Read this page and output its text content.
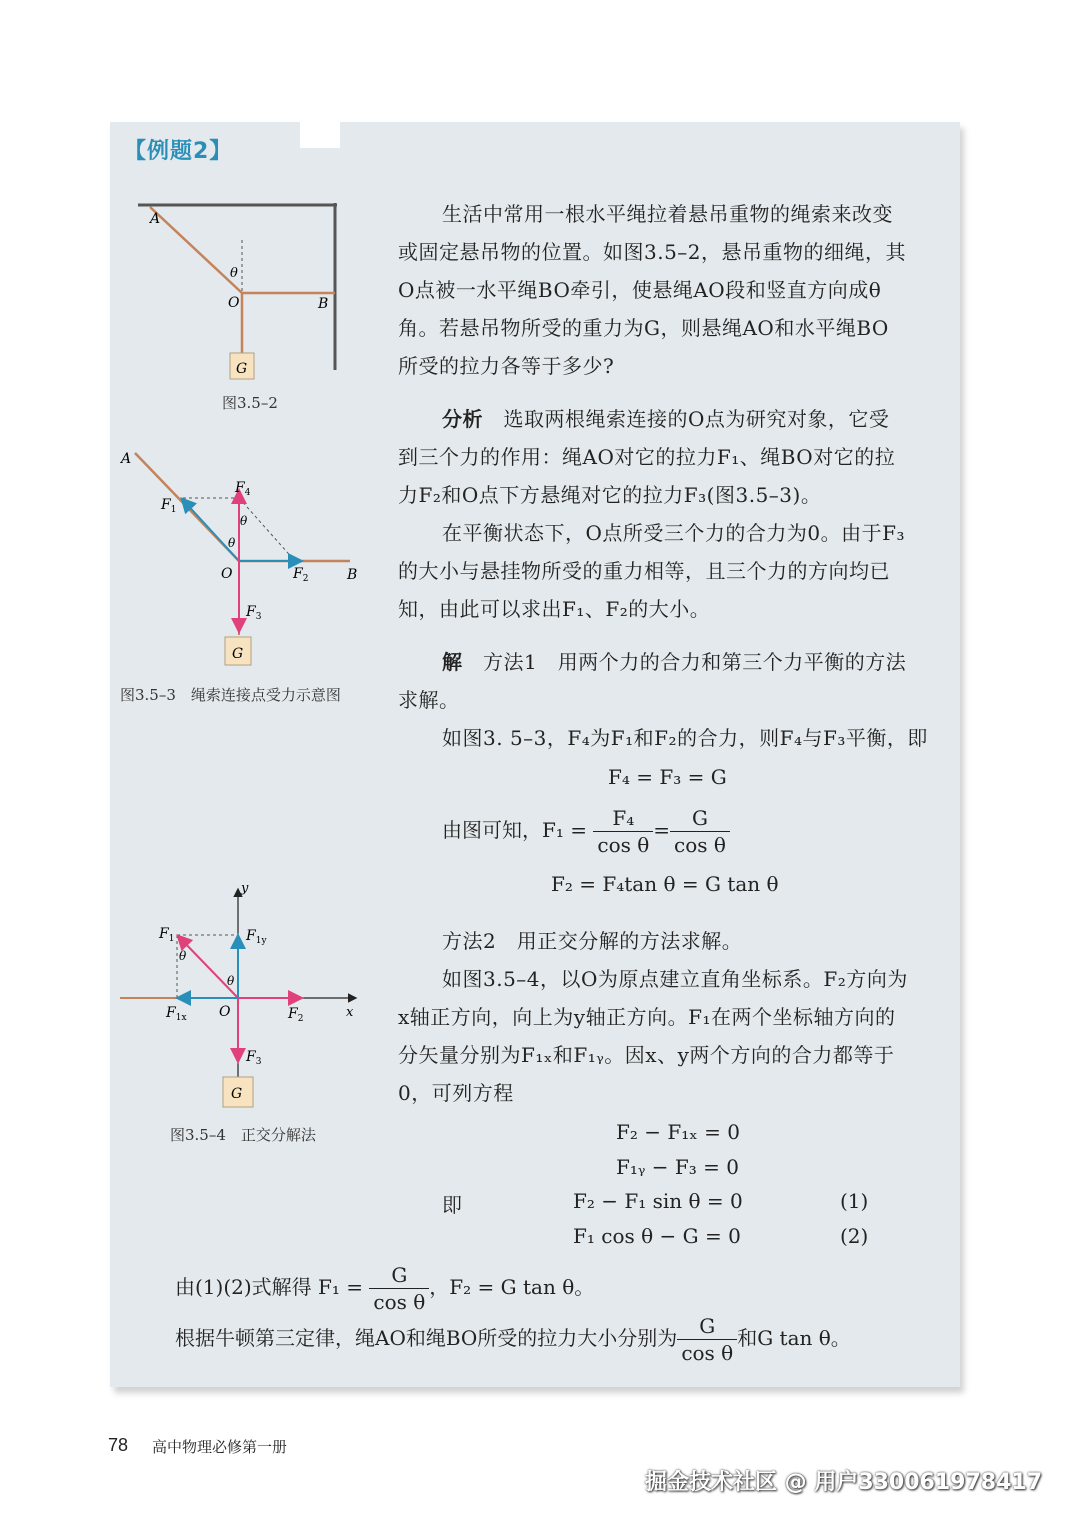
【例题2】
A
θ
O	B
G
图3.5–2
A
$F_1$
$F_4$
θ
θ
O	$F_2$	B
$F_3$
G
图3.5–3　绳索连接点受力示意图
y
$F_1$	$F_{1y}$
θ
θ
$F_{1x}$ O	$F_2$	x
$F_3$
G
图3.5–4　正交分解法
生活中常用一根水平绳拉着悬吊重物的绳索来改变
或固定悬吊物的位置。如图3.5–2，悬吊重物的细绳，其
O点被一水平绳BO牵引，使悬绳AO段和竖直方向成θ
角。若悬吊物所受的重力为G，则悬绳AO和水平绳BO
所受的拉力各等于多少?
分析　 选取两根绳索连接的O点为研究对象，它受
到三个力的作用：绳AO对它的拉力F₁、绳BO对它的拉
力F₂和O点下方悬绳对它的拉力F₃(图3.5–3)。
在平衡状态下，O点所受三个力的合力为0。由于F₃
的大小与悬挂物所受的重力相等，且三个力的方向均已
知，由此可以求出F₁、F₂的大小。
解　 方法1　用两个力的合力和第三个力平衡的方法
求解。
如图3. 5–3，F₄为F₁和F₂的合力，则F₄与F₃平衡，即
F₄ = F₃ = G
由图可知，$F_1 = \frac{\text{F₄}}{\text{cos θ}} = \frac{G}{\text{cos θ}}$
F₂ = F₄tan θ = G tan θ
方法2　用正交分解的方法求解。
如图3.5–4，以O为原点建立直角坐标系。F₂方向为
x轴正方向，向上为y轴正方向。F₁在两个坐标轴方向的
分矢量分别为F₁ₓ和F₁ᵧ。因x、y两个方向的合力都等于
0，可列方程
F₂ − F₁ₓ = 0
F₁ᵧ − F₃ = 0
即	F₂ − F₁ sin θ = 0	(1)
F₁ cos θ − G = 0	(2)
由(1)(2)式解得 $F_1 = \frac{G}{\text{cos θ}}$ ，F₂ = G tan θ。
根据牛顿第三定律，绳AO和绳BO所受的拉力大小分别为 $\frac{G}{\text{cos θ}}$ 和G tan θ。
78 高中物理必修第一册
掘金技术社区 @ 用户330061978417
